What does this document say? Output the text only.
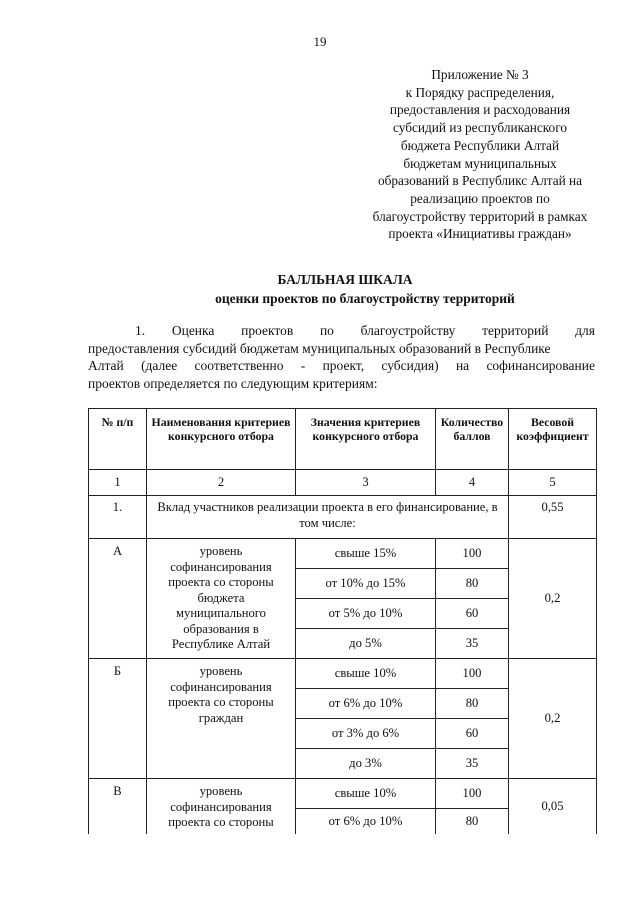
19
Приложение № 3
к Порядку распределения,
предоставления и расходования
субсидий из республиканского
бюджета Республики Алтай
бюджетам муниципальных
образований в Республикс Алтай на
реализацию проектов по
благоустройству территорий в рамках
проекта «Инициативы граждан»
БАЛЛЬНАЯ ШКАЛА
оценки проектов по благоустройству территорий
1. Оценка проектов по благоустройству территорий для
предоставления субсидий бюджетам муниципальных образований в Республике
Алтай (далее соответственно - проект, субсидия) на софинансирование
проектов определяется по следующим критериям:
№ п/п	Наименования критериев конкурсного отбора	Значения критериев конкурсного отбора	Количество баллов	Весовой коэффициент
1	2	3	4	5
1.	Вклад участников реализации проекта в его финансирование, в том числе:			0,55
А	уровень софинансирования проекта со стороны бюджета муниципального образования в Республике Алтай	свыше 15%	100	0,2
		от 10% до 15%	80	
		от 5% до 10%	60	
		до 5%	35	
Б	уровень софинансирования проекта со стороны граждан	свыше 10%	100	0,2
		от 6% до 10%	80	
		от 3% до 6%	60	
		до 3%	35	
В	уровень софинансирования проекта со стороны	свыше 10%	100	0,05
		от 6% до 10%	80	
